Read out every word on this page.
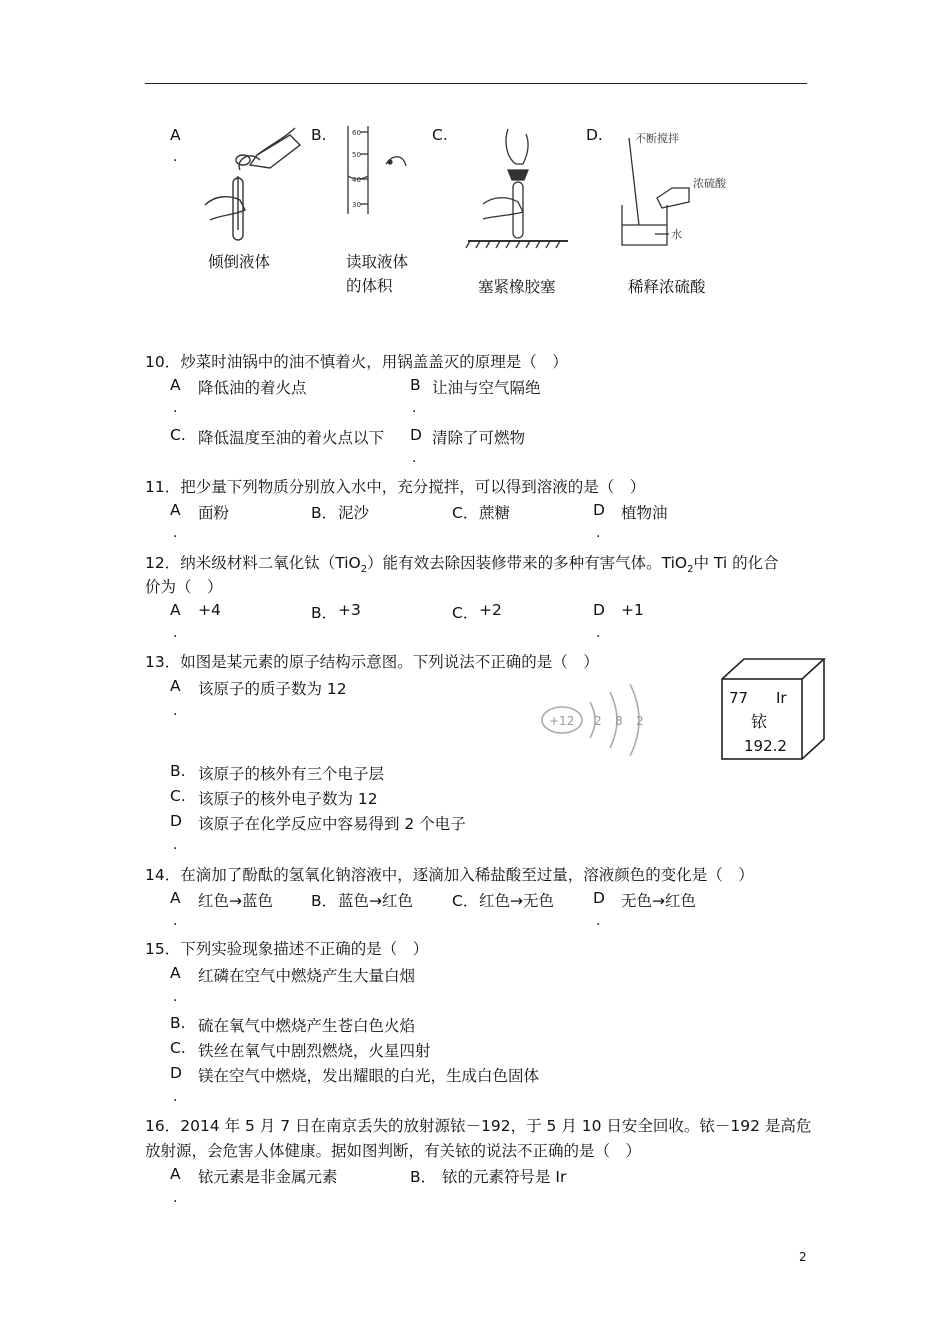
A
.
B.	C.	D.
倾倒液体
60
50
40
30
读取液体
的体积	塞紧橡胶塞
不断搅拌
浓硫酸
水
稀释浓硫酸
10．炒菜时油锅中的油不慎着火，用锅盖盖灭的原理是（　）
A 降低油的着火点
.
B 让油与空气隔绝
.
C. 降低温度至油的着火点以下 D 清除了可燃物
.
11．把少量下列物质分别放入水中，充分搅拌，可以得到溶液的是（　）
A 面粉
.
B． 泥沙	C． 蔗糖	D 植物油
.
12．纳米级材料二氧化钛（TiO$_2$）能有效去除因装修带来的多种有害气体。TiO$_2$中 Ti 的化合
价为（　）
A +4
.
B． +3	C． +2	D +1
.
13．如图是某元素的原子结构示意图。下列说法不正确的是（　）
A 该原子的质子数为 12
.
B. 该原子的核外有三个电子层
C. 该原子的核外电子数为 12
D 该原子在化学反应中容易得到 2 个电子
.
+12 2 8 2
77 Ir
铱
192.2
14．在滴加了酚酞的氢氧化钠溶液中，逐滴加入稀盐酸至过量，溶液颜色的变化是（　）
A 红色→蓝色
.
B． 蓝色→红色	C． 红色→无色	D 无色→红色
.
15．下列实验现象描述不正确的是（　）
A 红磷在空气中燃烧产生大量白烟
.
B. 硫在氧气中燃烧产生苍白色火焰
C. 铁丝在氧气中剧烈燃烧，火星四射
D 镁在空气中燃烧，发出耀眼的白光，生成白色固体
.
16．2014 年 5 月 7 日在南京丢失的放射源铱－192，于 5 月 10 日安全回收。铱－192 是高危
放射源，会危害人体健康。据如图判断，有关铱的说法不正确的是（　）
A 铱元素是非金属元素
.
B． 铱的元素符号是 Ir
2
